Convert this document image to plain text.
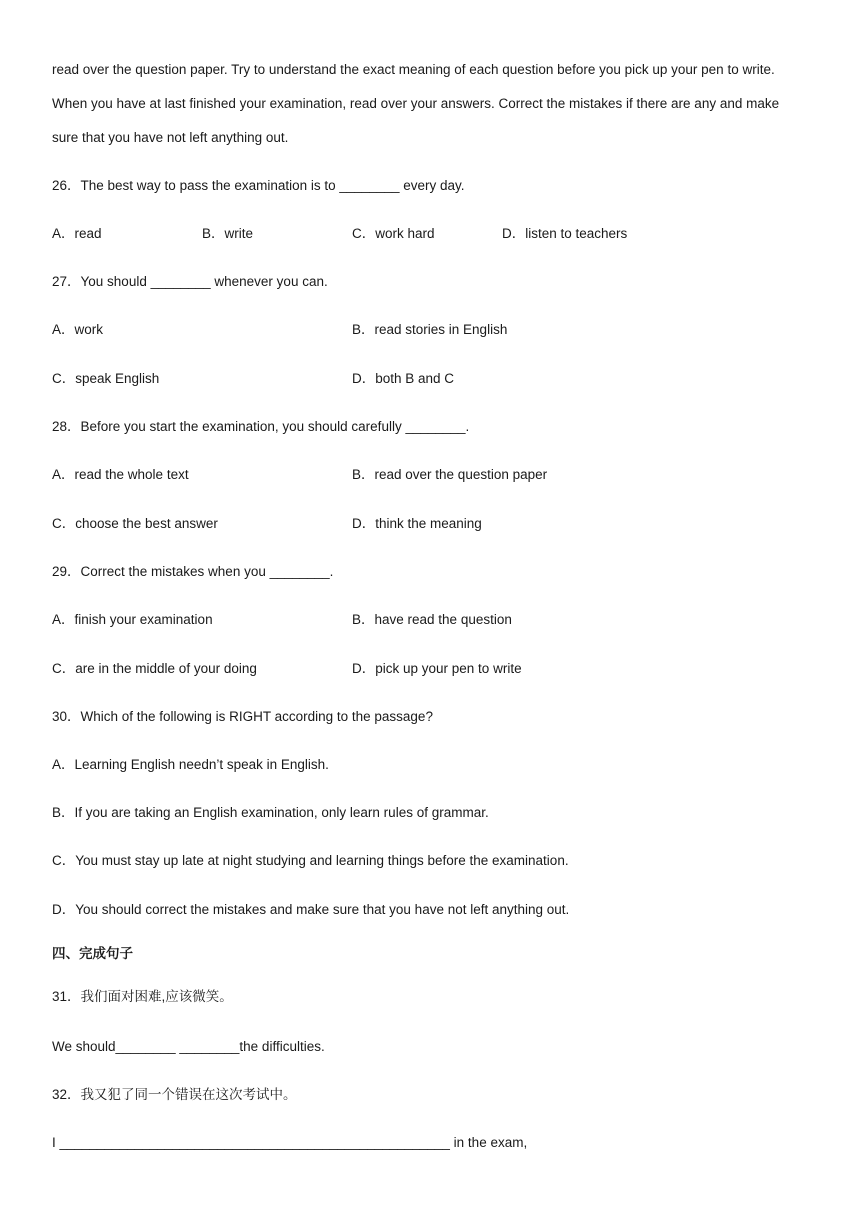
read over the question paper. Try to understand the exact meaning of each question before you pick up your pen to write.
When you have at last finished your examination, read over your answers. Correct the mistakes if there are any and make
sure that you have not left anything out.
26．The best way to pass the examination is to ________ every day.
A．read	B．write	C．work hard	D．listen to teachers
27．You should ________ whenever you can.
A．work	B．read stories in English
C．speak English	D．both B and C
28．Before you start the examination, you should carefully ________.
A．read the whole text	B．read over the question paper
C．choose the best answer	D．think the meaning
29．Correct the mistakes when you ________.
A．finish your examination	B．have read the question
C．are in the middle of your doing	D．pick up your pen to write
30．Which of the following is RIGHT according to the passage?
A．Learning English needn’t speak in English.
B．If you are taking an English examination, only learn rules of grammar.
C．You must stay up late at night studying and learning things before the examination.
D．You should correct the mistakes and make sure that you have not left anything out.
四、完成句子
31．我们面对困难,应该微笑。
We should________ ________the difficulties.
32．我又犯了同一个错误在这次考试中。
I ____________________________________________________ in the exam,
